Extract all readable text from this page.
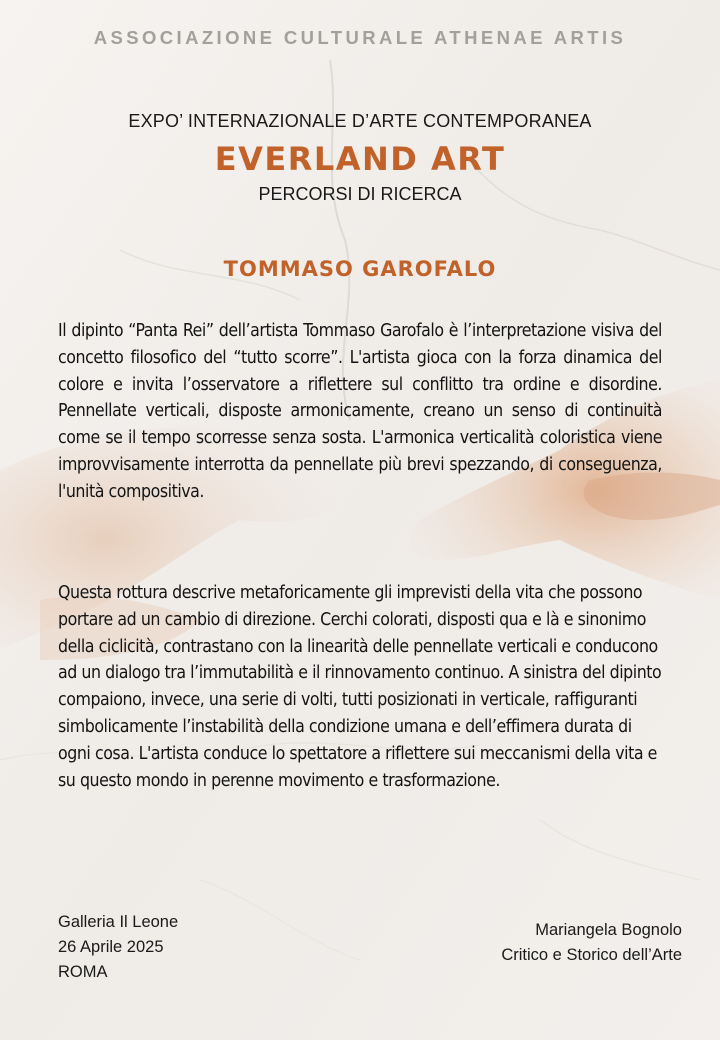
ASSOCIAZIONE CULTURALE ATHENAE ARTIS
EXPO’ INTERNAZIONALE D’ARTE CONTEMPORANEA
EVERLAND ART
PERCORSI DI RICERCA
TOMMASO GAROFALO

Il dipinto “Panta Rei” dell’artista Tommaso Garofalo è l’interpretazione visiva del concetto filosofico del “tutto scorre”. L'artista gioca con la forza dinamica del colore e invita l’osservatore a riflettere sul conflitto tra ordine e disordine. Pennellate verticali, disposte armonicamente, creano un senso di continuità come se il tempo scorresse senza sosta. L'armonica verticalità coloristica viene improvvisamente interrotta da pennellate più brevi spezzando, di conseguenza, l'unità compositiva.

Questa rottura descrive metaforicamente gli imprevisti della vita che possono portare ad un cambio di direzione. Cerchi colorati, disposti qua e là e sinonimo della ciclicità, contrastano con la linearità delle pennellate verticali e conducono ad un dialogo tra l’immutabilità e il rinnovamento continuo. A sinistra del dipinto compaiono, invece, una serie di volti, tutti posizionati in verticale, raffiguranti simbolicamente l’instabilità della condizione umana e dell’effimera durata di ogni cosa. L'artista conduce lo spettatore a riflettere sui meccanismi della vita e su questo mondo in perenne movimento e trasformazione.

Galleria Il Leone
26 Aprile 2025
ROMA
Mariangela Bognolo
Critico e Storico dell’Arte
